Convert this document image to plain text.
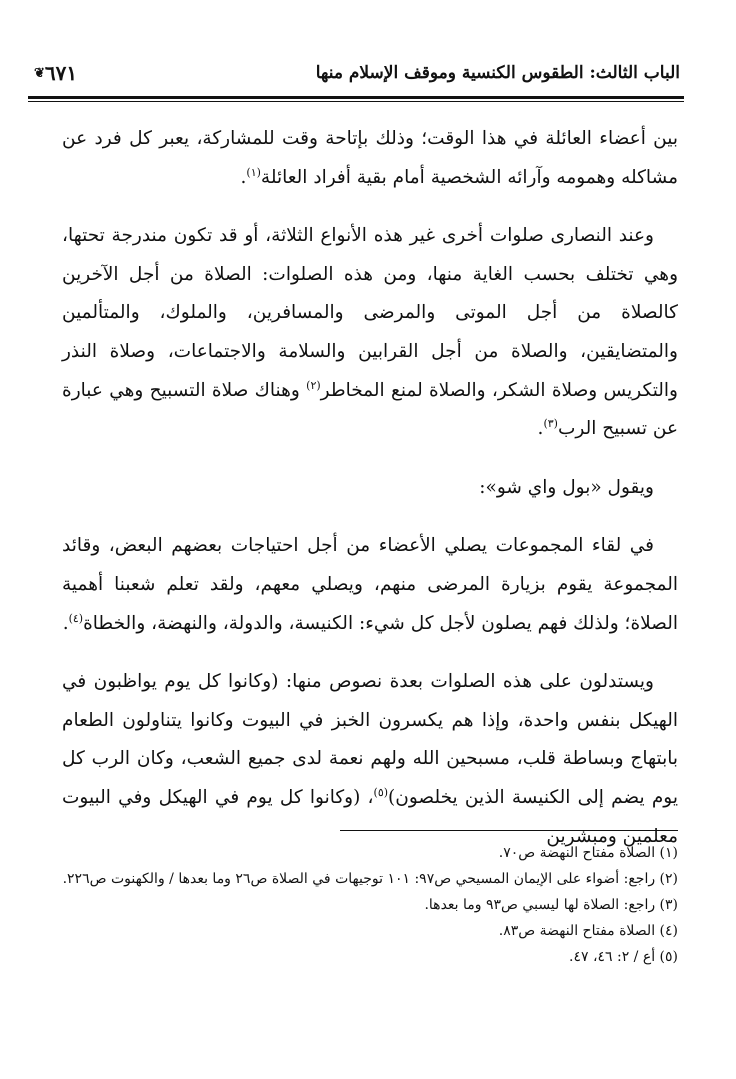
الباب الثالث: الطقوس الكنسية وموقف الإسلام منها
٦٧١
❦

بين أعضاء العائلة في هذا الوقت؛ وذلك بإتاحة وقت للمشاركة، يعبر كل فرد عن مشاكله وهمومه وآرائه الشخصية أمام بقية أفراد العائلة$^{(١)}$.

وعند النصارى صلوات أخرى غير هذه الأنواع الثلاثة، أو قد تكون مندرجة تحتها، وهي تختلف بحسب الغاية منها، ومن هذه الصلوات: الصلاة من أجل الآخرين كالصلاة من أجل الموتى والمرضى والمسافرين، والملوك، والمتألمين والمتضايقين، والصلاة من أجل القرابين والسلامة والاجتماعات، وصلاة النذر والتكريس وصلاة الشكر، والصلاة لمنع المخاطر$^{(٢)}$ وهناك صلاة التسبيح وهي عبارة عن تسبيح الرب$^{(٣)}$.

ويقول «بول واي شو»:

في لقاء المجموعات يصلي الأعضاء من أجل احتياجات بعضهم البعض، وقائد المجموعة يقوم بزيارة المرضى منهم، ويصلي معهم، ولقد تعلم شعبنا أهمية الصلاة؛ ولذلك فهم يصلون لأجل كل شيء: الكنيسة، والدولة، والنهضة، والخطاة$^{(٤)}$.

ويستدلون على هذه الصلوات بعدة نصوص منها: (وكانوا كل يوم يواظبون في الهيكل بنفس واحدة، وإذا هم يكسرون الخبز في البيوت وكانوا يتناولون الطعام بابتهاج وبساطة قلب، مسبحين الله ولهم نعمة لدى جميع الشعب، وكان الرب كل يوم يضم إلى الكنيسة الذين يخلصون)$^{(٥)}$، (وكانوا كل يوم في الهيكل وفي البيوت معلمين ومبشرين

(١) الصلاة مفتاح النهضة ص٧٠.
(٢) راجع: أضواء على الإيمان المسيحي ص٩٧: ١٠١ توجيهات في الصلاة ص٢٦ وما بعدها / والكهنوت ص٢٢٦.
(٣) راجع: الصلاة لها ليسبي ص٩٣ وما بعدها.
(٤) الصلاة مفتاح النهضة ص٨٣.
(٥) أع / ٢: ٤٦، ٤٧.
